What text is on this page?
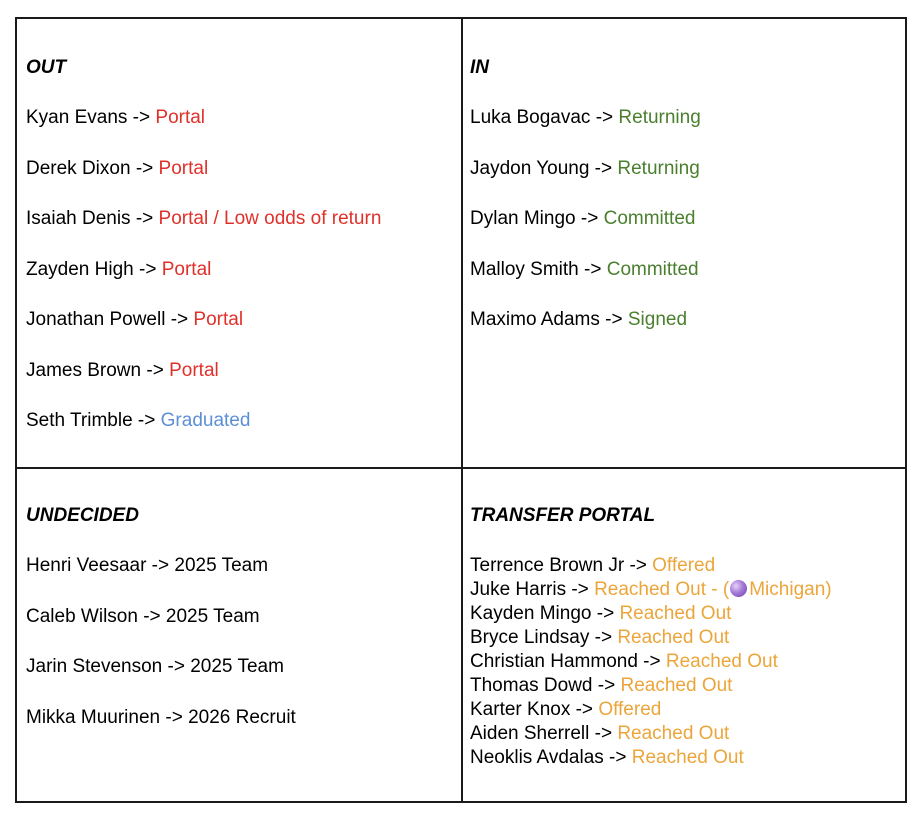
OUT

Kyan Evans -> Portal
Derek Dixon -> Portal
Isaiah Denis -> Portal / Low odds of return
Zayden High -> Portal
Jonathan Powell -> Portal
James Brown -> Portal
Seth Trimble -> Graduated

IN

Luka Bogavac -> Returning
Jaydon Young -> Returning
Dylan Mingo -> Committed
Malloy Smith -> Committed
Maximo Adams -> Signed

UNDECIDED

Henri Veesaar -> 2025 Team
Caleb Wilson -> 2025 Team
Jarin Stevenson -> 2025 Team
Mikka Muurinen -> 2026 Recruit

TRANSFER PORTAL

Terrence Brown Jr -> Offered
Juke Harris -> Reached Out - ( Michigan)
Kayden Mingo -> Reached Out
Bryce Lindsay -> Reached Out
Christian Hammond -> Reached Out
Thomas Dowd -> Reached Out
Karter Knox -> Offered
Aiden Sherrell -> Reached Out
Neoklis Avdalas -> Reached Out
